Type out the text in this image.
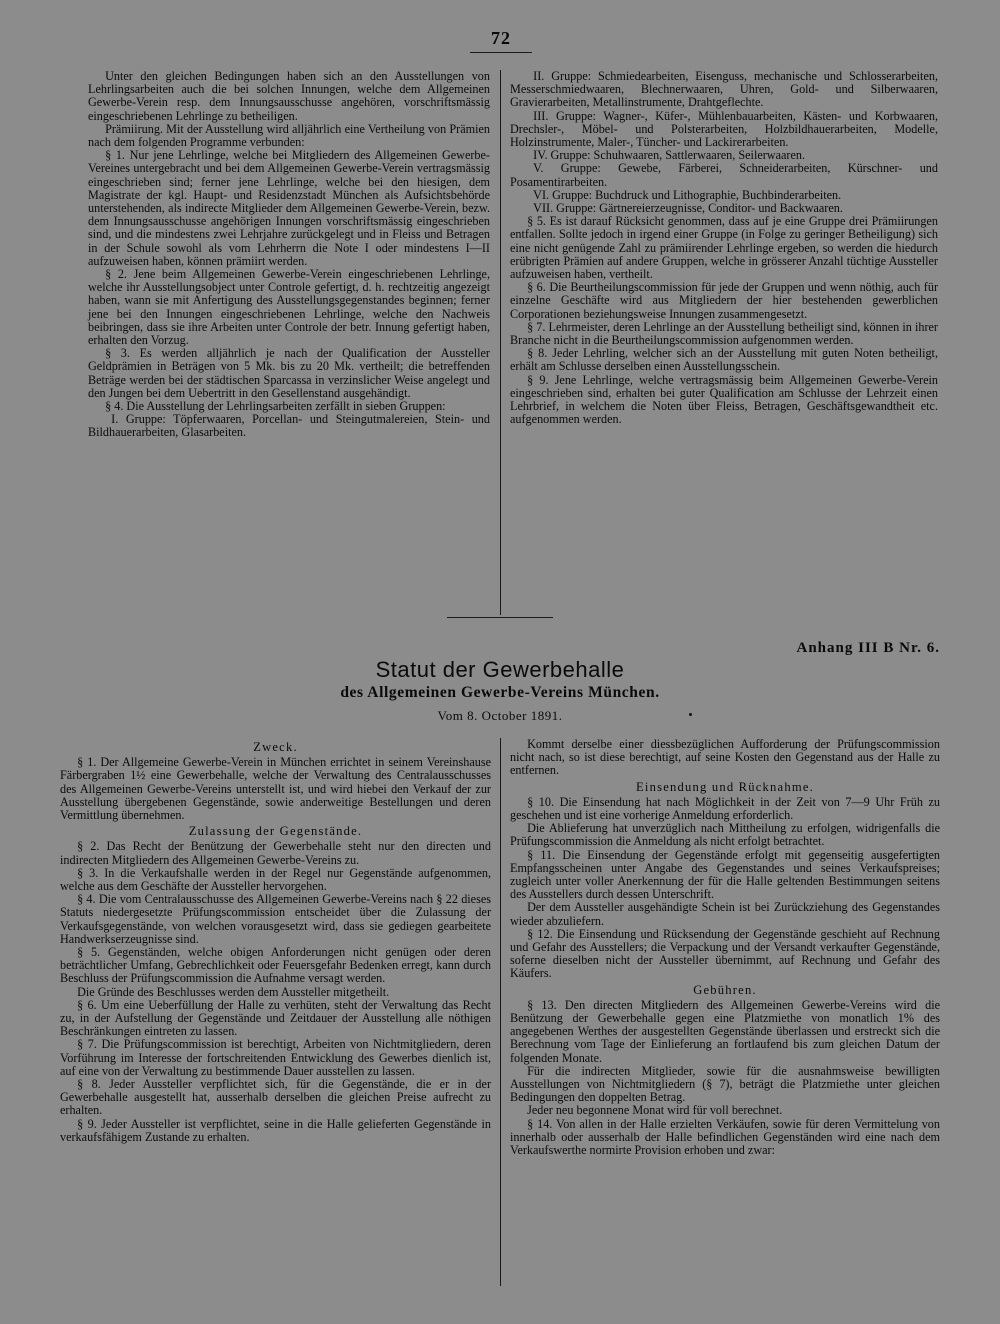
72

Unter den gleichen Bedingungen haben sich an den Ausstellungen von Lehrlingsarbeiten auch die bei solchen Innungen, welche dem Allgemeinen Gewerbe-Verein resp. dem Innungsausschusse angehören, vorschriftsmässig eingeschriebenen Lehrlinge zu betheiligen.

Prämiirung. Mit der Ausstellung wird alljährlich eine Vertheilung von Prämien nach dem folgenden Programme verbunden:

§ 1. Nur jene Lehrlinge, welche bei Mitgliedern des Allgemeinen Gewerbe-Vereines untergebracht und bei dem Allgemeinen Gewerbe-Verein vertragsmässig eingeschrieben sind; ferner jene Lehrlinge, welche bei den hiesigen, dem Magistrate der kgl. Haupt- und Residenzstadt München als Aufsichtsbehörde unterstehenden, als indirecte Mitglieder dem Allgemeinen Gewerbe-Verein, bezw. dem Innungsausschusse angehörigen Innungen vorschriftsmässig eingeschrieben sind, und die mindestens zwei Lehrjahre zurückgelegt und in Fleiss und Betragen in der Schule sowohl als vom Lehrherrn die Note I oder mindestens I—II aufzuweisen haben, können prämiirt werden.

§ 2. Jene beim Allgemeinen Gewerbe-Verein eingeschriebenen Lehrlinge, welche ihr Ausstellungsobject unter Controle gefertigt, d. h. rechtzeitig angezeigt haben, wann sie mit Anfertigung des Ausstellungsgegenstandes beginnen; ferner jene bei den Innungen eingeschriebenen Lehrlinge, welche den Nachweis beibringen, dass sie ihre Arbeiten unter Controle der betr. Innung gefertigt haben, erhalten den Vorzug.

§ 3. Es werden alljährlich je nach der Qualification der Aussteller Geldprämien in Beträgen von 5 Mk. bis zu 20 Mk. vertheilt; die betreffenden Beträge werden bei der städtischen Sparcassa in verzinslicher Weise angelegt und den Jungen bei dem Uebertritt in den Gesellenstand ausgehändigt.

§ 4. Die Ausstellung der Lehrlingsarbeiten zerfällt in sieben Gruppen:

I. Gruppe: Töpferwaaren, Porcellan- und Steingutmalereien, Stein- und Bildhauerarbeiten, Glasarbeiten.

II. Gruppe: Schmiedearbeiten, Eisenguss, mechanische und Schlosserarbeiten, Messerschmiedwaaren, Blechnerwaaren, Uhren, Gold- und Silberwaaren, Gravierarbeiten, Metallinstrumente, Drahtgeflechte.

III. Gruppe: Wagner-, Küfer-, Mühlenbauarbeiten, Kästen- und Korbwaaren, Drechsler-, Möbel- und Polsterarbeiten, Holzbildhauerarbeiten, Modelle, Holzinstrumente, Maler-, Tüncher- und Lackirerarbeiten.

IV. Gruppe: Schuhwaaren, Sattlerwaaren, Seilerwaaren.

V. Gruppe: Gewebe, Färberei, Schneiderarbeiten, Kürschner- und Posamentirarbeiten.

VI. Gruppe: Buchdruck und Lithographie, Buchbinderarbeiten.

VII. Gruppe: Gärtnereierzeugnisse, Conditor- und Backwaaren.

§ 5. Es ist darauf Rücksicht genommen, dass auf je eine Gruppe drei Prämiirungen entfallen. Sollte jedoch in irgend einer Gruppe (in Folge zu geringer Betheiligung) sich eine nicht genügende Zahl zu prämiirender Lehrlinge ergeben, so werden die hiedurch erübrigten Prämien auf andere Gruppen, welche in grösserer Anzahl tüchtige Aussteller aufzuweisen haben, vertheilt.

§ 6. Die Beurtheilungscommission für jede der Gruppen und wenn nöthig, auch für einzelne Geschäfte wird aus Mitgliedern der hier bestehenden gewerblichen Corporationen beziehungsweise Innungen zusammengesetzt.

§ 7. Lehrmeister, deren Lehrlinge an der Ausstellung betheiligt sind, können in ihrer Branche nicht in die Beurtheilungscommission aufgenommen werden.

§ 8. Jeder Lehrling, welcher sich an der Ausstellung mit guten Noten betheiligt, erhält am Schlusse derselben einen Ausstellungsschein.

§ 9. Jene Lehrlinge, welche vertragsmässig beim Allgemeinen Gewerbe-Verein eingeschrieben sind, erhalten bei guter Qualification am Schlusse der Lehrzeit einen Lehrbrief, in welchem die Noten über Fleiss, Betragen, Geschäftsgewandtheit etc. aufgenommen werden.

Anhang III B Nr. 6.
Statut der Gewerbehalle
des Allgemeinen Gewerbe-Vereins München.
Vom 8. October 1891.
Zweck.

§ 1. Der Allgemeine Gewerbe-Verein in München errichtet in seinem Vereinshause Färbergraben 1½ eine Gewerbehalle, welche der Verwaltung des Centralausschusses des Allgemeinen Gewerbe-Vereins unterstellt ist, und wird hiebei den Verkauf der zur Ausstellung übergebenen Gegenstände, sowie anderweitige Bestellungen und deren Vermittlung übernehmen.

Zulassung der Gegenstände.

§ 2. Das Recht der Benützung der Gewerbehalle steht nur den directen und indirecten Mitgliedern des Allgemeinen Gewerbe-Vereins zu.

§ 3. In die Verkaufshalle werden in der Regel nur Gegenstände aufgenommen, welche aus dem Geschäfte der Aussteller hervorgehen.

§ 4. Die vom Centralausschusse des Allgemeinen Gewerbe-Vereins nach § 22 dieses Statuts niedergesetzte Prüfungscommission entscheidet über die Zulassung der Verkaufsgegenstände, von welchen vorausgesetzt wird, dass sie gediegen gearbeitete Handwerkserzeugnisse sind.

§ 5. Gegenständen, welche obigen Anforderungen nicht genügen oder deren beträchtlicher Umfang, Gebrechlichkeit oder Feuersgefahr Bedenken erregt, kann durch Beschluss der Prüfungscommission die Aufnahme versagt werden.

Die Gründe des Beschlusses werden dem Aussteller mitgetheilt.

§ 6. Um eine Ueberfüllung der Halle zu verhüten, steht der Verwaltung das Recht zu, in der Aufstellung der Gegenstände und Zeitdauer der Ausstellung alle nöthigen Beschränkungen eintreten zu lassen.

§ 7. Die Prüfungscommission ist berechtigt, Arbeiten von Nichtmitgliedern, deren Vorführung im Interesse der fortschreitenden Entwicklung des Gewerbes dienlich ist, auf eine von der Verwaltung zu bestimmende Dauer ausstellen zu lassen.

§ 8. Jeder Aussteller verpflichtet sich, für die Gegenstände, die er in der Gewerbehalle ausgestellt hat, ausserhalb derselben die gleichen Preise aufrecht zu erhalten.

§ 9. Jeder Aussteller ist verpflichtet, seine in die Halle gelieferten Gegenstände in verkaufsfähigem Zustande zu erhalten.

Kommt derselbe einer diessbezüglichen Aufforderung der Prüfungscommission nicht nach, so ist diese berechtigt, auf seine Kosten den Gegenstand aus der Halle zu entfernen.

Einsendung und Rücknahme.

§ 10. Die Einsendung hat nach Möglichkeit in der Zeit von 7—9 Uhr Früh zu geschehen und ist eine vorherige Anmeldung erforderlich.

Die Ablieferung hat unverzüglich nach Mittheilung zu erfolgen, widrigenfalls die Prüfungscommission die Anmeldung als nicht erfolgt betrachtet.

§ 11. Die Einsendung der Gegenstände erfolgt mit gegenseitig ausgefertigten Empfangsscheinen unter Angabe des Gegenstandes und seines Verkaufspreises; zugleich unter voller Anerkennung der für die Halle geltenden Bestimmungen seitens des Ausstellers durch dessen Unterschrift.

Der dem Aussteller ausgehändigte Schein ist bei Zurückziehung des Gegenstandes wieder abzuliefern.

§ 12. Die Einsendung und Rücksendung der Gegenstände geschieht auf Rechnung und Gefahr des Ausstellers; die Verpackung und der Versandt verkaufter Gegenstände, soferne dieselben nicht der Aussteller übernimmt, auf Rechnung und Gefahr des Käufers.

Gebühren.

§ 13. Den directen Mitgliedern des Allgemeinen Gewerbe-Vereins wird die Benützung der Gewerbehalle gegen eine Platzmiethe von monatlich 1% des angegebenen Werthes der ausgestellten Gegenstände überlassen und erstreckt sich die Berechnung vom Tage der Einlieferung an fortlaufend bis zum gleichen Datum der folgenden Monate.

Für die indirecten Mitglieder, sowie für die ausnahmsweise bewilligten Ausstellungen von Nichtmitgliedern (§ 7), beträgt die Platzmiethe unter gleichen Bedingungen den doppelten Betrag.

Jeder neu begonnene Monat wird für voll berechnet.

§ 14. Von allen in der Halle erzielten Verkäufen, sowie für deren Vermittelung von innerhalb oder ausserhalb der Halle befindlichen Gegenständen wird eine nach dem Verkaufswerthe normirte Provision erhoben und zwar:
